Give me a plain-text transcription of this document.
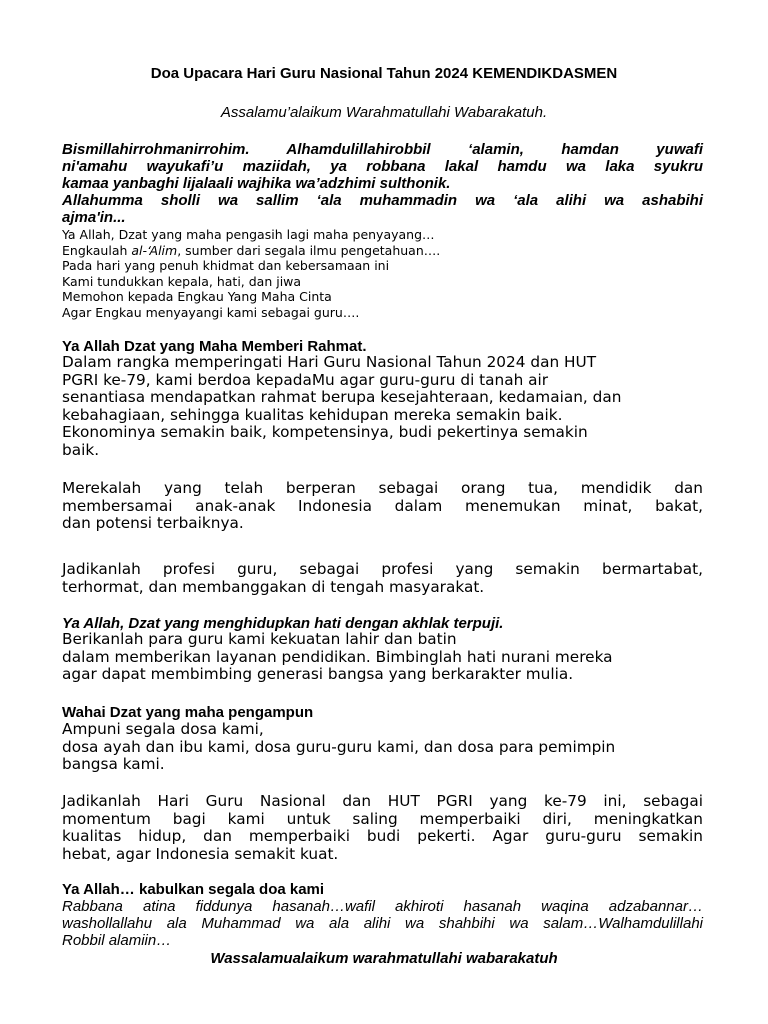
Doa Upacara Hari Guru Nasional Tahun 2024 KEMENDIKDASMEN

Assalamu’alaikum Warahmatullahi Wabarakatuh.

Bismillahirrohmanirrohim. Alhamdulillahirobbil ‘alamin, hamdan yuwafi
ni'amahu wayukafi’u maziidah, ya robbana lakal hamdu wa laka syukru
kamaa yanbaghi lijalaali wajhika wa’adzhimi sulthonik.
Allahumma sholli wa sallim ‘ala muhammadin wa ‘ala alihi wa ashabihi
ajma'in...
Ya Allah, Dzat yang maha pengasih lagi maha penyayang…
Engkaulah al-‘Alim, sumber dari segala ilmu pengetahuan….
Pada hari yang penuh khidmat dan kebersamaan ini
Kami tundukkan kepala, hati, dan jiwa
Memohon kepada Engkau Yang Maha Cinta
Agar Engkau menyayangi kami sebagai guru….

Ya Allah Dzat yang Maha Memberi Rahmat.

Dalam rangka memperingati Hari Guru Nasional Tahun 2024 dan HUT
PGRI ke-79, kami berdoa kepadaMu agar guru-guru di tanah air
senantiasa mendapatkan rahmat berupa kesejahteraan, kedamaian, dan
kebahagiaan, sehingga kualitas kehidupan mereka semakin baik.
Ekonominya semakin baik, kompetensinya, budi pekertinya semakin
baik.
Merekalah yang telah berperan sebagai orang tua, mendidik dan
membersamai anak-anak Indonesia dalam menemukan minat, bakat,
dan potensi terbaiknya.
Jadikanlah profesi guru, sebagai profesi yang semakin bermartabat,
terhormat, dan membanggakan di tengah masyarakat.

Ya Allah, Dzat yang menghidupkan hati dengan akhlak terpuji.

Berikanlah para guru kami kekuatan lahir dan batin
dalam memberikan layanan pendidikan. Bimbinglah hati nurani mereka
agar dapat membimbing generasi bangsa yang berkarakter mulia.

Wahai Dzat yang maha pengampun

Ampuni segala dosa kami,
dosa ayah dan ibu kami, dosa guru-guru kami, dan dosa para pemimpin
bangsa kami.
Jadikanlah Hari Guru Nasional dan HUT PGRI yang ke-79 ini, sebagai
momentum bagi kami untuk saling memperbaiki diri, meningkatkan
kualitas hidup, dan memperbaiki budi pekerti. Agar guru-guru semakin
hebat, agar Indonesia semakit kuat.

Ya Allah… kabulkan segala doa kami

Rabbana atina fiddunya hasanah…wafil akhiroti hasanah waqina adzabannar…
washollallahu ala Muhammad wa ala alihi wa shahbihi wa salam…Walhamdulillahi
Robbil alamiin…

Wassalamualaikum warahmatullahi wabarakatuh
